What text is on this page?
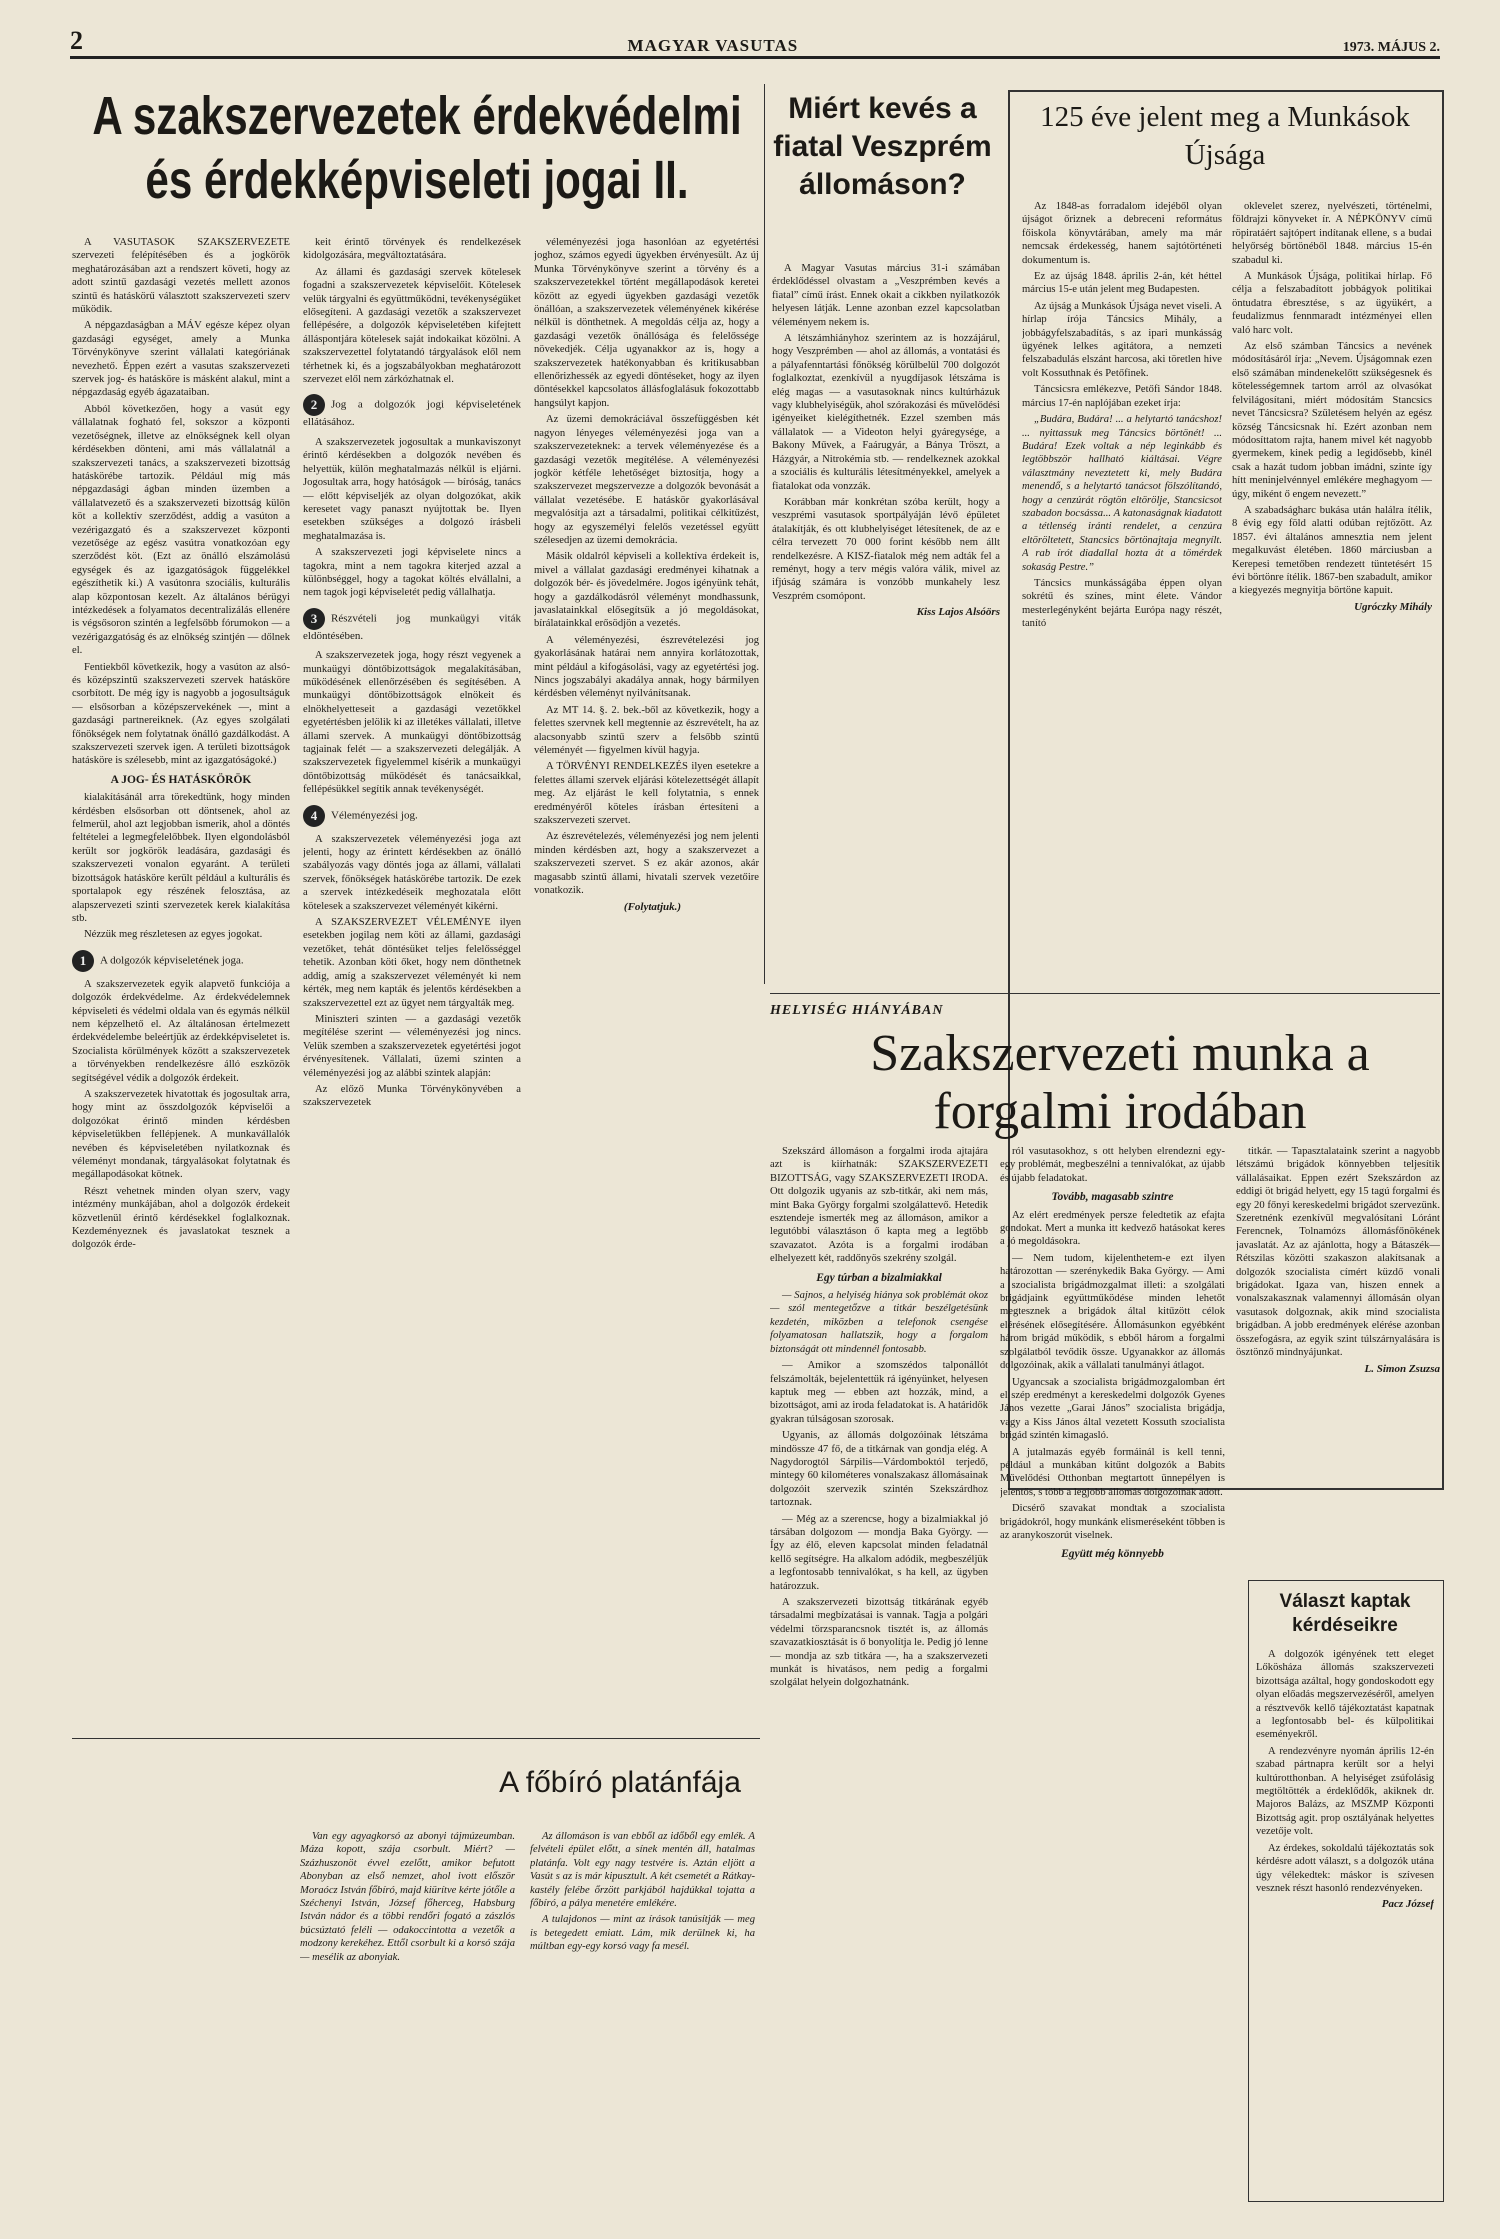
2	MAGYAR VASUTAS	1973. MÁJUS 2.
A szakszervezetek érdekvédelmi
és érdekképviseleti jogai II.

A VASUTASOK SZAKSZERVEZETE szervezeti felépítésében és a jogkörök meghatározásában azt a rendszert követi, hogy az adott szintű gazdasági vezetés mellett azonos szintű és hatáskörű választott szakszervezeti szerv működik.

A népgazdaságban a MÁV egésze képez olyan gazdasági egységet, amely a Munka Törvénykönyve szerint vállalati kategóriának nevezhető. Éppen ezért a vasutas szakszervezeti szervek jog- és hatásköre is másként alakul, mint a népgazdaság egyéb ágazataiban.

Abból következően, hogy a vasút egy vállalatnak fogható fel, sokszor a központi vezetőségnek, illetve az elnökségnek kell olyan kérdésekben dönteni, ami más vállalatnál a szakszervezeti tanács, a szakszervezeti bizottság hatáskörébe tartozik. Például míg más népgazdasági ágban minden üzemben a vállalatvezető és a szakszervezeti bizottság külön köt a kollektív szerződést, addig a vasúton a vezérigazgató és a szakszervezet központi vezetősége az egész vasútra vonatkozóan egy szerződést köt. (Ezt az önálló elszámolású egységek és az igazgatóságok függelékkel egészíthetik ki.) A vasútonra szociális, kulturális alap központosan kezelt. Az általános bérügyi intézkedések a folyamatos decentralizálás ellenére is végsősoron szintén a legfelsőbb fórumokon — a vezérigazgatóság és az elnökség szintjén — dőlnek el.

Fentiekből következik, hogy a vasúton az alsó- és középszintű szakszervezeti szervek hatásköre csorbított. De még így is nagyobb a jogosultságuk — elsősorban a középszervekének —, mint a gazdasági partnereiknek. (Az egyes szolgálati főnökségek nem folytatnak önálló gazdálkodást. A szakszervezeti szervek igen. A területi bizottságok hatásköre is szélesebb, mint az igazgatóságoké.)

A JOG- ÉS HATÁSKÖRÖK

kialakításánál arra törekedtünk, hogy minden kérdésben elsősorban ott döntsenek, ahol az felmerül, ahol azt legjobban ismerik, ahol a döntés feltételei a legmegfelelőbbek. Ilyen elgondolásból került sor jogkörök leadására, gazdasági és szakszervezeti vonalon egyaránt. A területi bizottságok hatásköre került például a kulturális és sportalapok egy részének felosztása, az alapszervezeti szinti szervezetek kerek kialakítása stb.

Nézzük meg részletesen az egyes jogokat.

1 A dolgozók képviseletének joga.

A szakszervezetek egyik alapvető funkciója a dolgozók érdekvédelme. Az érdekvédelemnek képviseleti és védelmi oldala van és egymás nélkül nem képzelhető el. Az általánosan értelmezett érdekvédelembe beleértjük az érdekképviseletet is. Szocialista körülmények között a szakszervezetek a törvényekben rendelkezésre álló eszközök segítségével védik a dolgozók érdekeit.

A szakszervezetek hivatottak és jogosultak arra, hogy mint az összdolgozók képviselői a dolgozókat érintő minden kérdésben képviseletükben fellépjenek. A munkavállalók nevében és képviseletében nyilatkoznak és véleményt mondanak, tárgyalásokat folytatnak és megállapodásokat kötnek.

Részt vehetnek minden olyan szerv, vagy intézmény munkájában, ahol a dolgozók érdekeit közvetlenül érintő kérdésekkel foglalkoznak. Kezdeményeznek és javaslatokat tesznek a dolgozók érde-

keit érintő törvények és rendelkezések kidolgozására, megváltoztatására.

Az állami és gazdasági szervek kötelesek fogadni a szakszervezetek képviselőit. Kötelesek velük tárgyalni és együttműködni, tevékenységüket elősegíteni. A gazdasági vezetők a szakszervezet fellépésére, a dolgozók képviseletében kifejtett álláspontjára kötelesek saját indokaikat közölni. A szakszervezettel folytatandó tárgyalások elől nem térhetnek ki, és a jogszabályokban meghatározott szervezet elől nem zárkózhatnak el.

2 Jog a dolgozók jogi képviseletének ellátásához.

A szakszervezetek jogosultak a munkaviszonyt érintő kérdésekben a dolgozók nevében és helyettük, külön meghatalmazás nélkül is eljárni. Jogosultak arra, hogy hatóságok — bíróság, tanács — előtt képviseljék az olyan dolgozókat, akik keresetet vagy panaszt nyújtottak be. Ilyen esetekben szükséges a dolgozó írásbeli meghatalmazása is.

A szakszervezeti jogi képviselete nincs a tagokra, mint a nem tagokra kiterjed azzal a különbséggel, hogy a tagokat költés elvállalni, a nem tagok jogi képviseletét pedig vállalhatja.

3 Részvételi jog munkaügyi viták eldöntésében.

A szakszervezetek joga, hogy részt vegyenek a munkaügyi döntőbizottságok megalakításában, működésének ellenőrzésében és segítésében. A munkaügyi döntőbizottságok elnökeit és elnökhelyetteseit a gazdasági vezetőkkel egyetértésben jelölik ki az illetékes vállalati, illetve állami szervek. A munkaügyi döntőbizottság tagjainak felét — a szakszervezeti delegálják. A szakszervezetek figyelemmel kísérik a munkaügyi döntőbizottság működését és tanácsaikkal, fellépésükkel segítik annak tevékenységét.

4 Véleményezési jog.

A szakszervezetek véleményezési joga azt jelenti, hogy az érintett kérdésekben az önálló szabályozás vagy döntés joga az állami, vállalati szervek, főnökségek hatáskörébe tartozik. De ezek a szervek intézkedéseik meghozatala előtt kötelesek a szakszervezet véleményét kikérni.

A SZAKSZERVEZET VÉLEMÉNYE ilyen esetekben jogilag nem köti az állami, gazdasági vezetőket, tehát döntésüket teljes felelősséggel tehetik. Azonban köti őket, hogy nem dönthetnek addig, amíg a szakszervezet véleményét ki nem kérték, meg nem kapták és jelentős kérdésekben a szakszervezettel ezt az ügyet nem tárgyalták meg.

Miniszteri szinten — a gazdasági vezetők megítélése szerint — véleményezési jog nincs. Velük szemben a szakszervezetek egyetértési jogot érvényesítenek. Vállalati, üzemi szinten a véleményezési jog az alábbi szintek alapján:

Az előző Munka Törvénykönyvében a szakszervezetek

véleményezési joga hasonlóan az egyetértési joghoz, számos egyedi ügyekben érvényesült. Az új Munka Törvénykönyve szerint a törvény és a szakszervezetekkel történt megállapodások keretei között az egyedi ügyekben gazdasági vezetők önállóan, a szakszervezetek véleményének kikérése nélkül is dönthetnek. A megoldás célja az, hogy a gazdasági vezetők önállósága és felelőssége növekedjék. Célja ugyanakkor az is, hogy a szakszervezetek hatékonyabban és kritikusabban ellenőrizhessék az egyedi döntéseket, hogy az ilyen döntésekkel kapcsolatos állásfoglalásuk fokozottabb hangsúlyt kapjon.

Az üzemi demokráciával összefüggésben két nagyon lényeges véleményezési joga van a szakszervezeteknek: a tervek véleményezése és a gazdasági vezetők megítélése. A véleményezési jogkör kétféle lehetőséget biztosítja, hogy a szakszervezet megszervezze a dolgozók bevonását a vállalat vezetésébe. E hatáskör gyakorlásával megvalósítja azt a társadalmi, politikai célkitűzést, hogy az egyszemélyi felelős vezetéssel együtt szélesedjen az üzemi demokrácia.

Másik oldalról képviseli a kollektíva érdekeit is, mivel a vállalat gazdasági eredményei kihatnak a dolgozók bér- és jövedelmére. Jogos igényünk tehát, hogy a gazdálkodásról véleményt mondhassunk, javaslatainkkal elősegítsük a jó megoldásokat, bírálatainkkal erősödjön a vezetés.

A véleményezési, észrevételezési jog gyakorlásának határai nem annyira korlátozottak, mint például a kifogásolási, vagy az egyetértési jog. Nincs jogszabályi akadálya annak, hogy bármilyen kérdésben véleményt nyilvánítsanak.

Az MT 14. §. 2. bek.-ből az következik, hogy a felettes szervnek kell megtennie az észrevételt, ha az alacsonyabb szintű szerv a felsőbb szintű véleményét — figyelmen kívül hagyja.

A TÖRVÉNYI RENDELKEZÉS ilyen esetekre a felettes állami szervek eljárási kötelezettségét állapít meg. Az eljárást le kell folytatnia, s ennek eredményéről köteles írásban értesíteni a szakszervezeti szervet.

Az észrevételezés, véleményezési jog nem jelenti minden kérdésben azt, hogy a szakszervezet a szakszervezeti szervet. S ez akár azonos, akár magasabb szintű állami, hivatali szervek vezetőire vonatkozik.

(Folytatjuk.)

Miért kevés a fiatal Veszprém állomáson?

A Magyar Vasutas március 31-i számában érdeklődéssel olvastam a „Veszprémben kevés a fiatal” című írást. Ennek okait a cikkben nyilatkozók helyesen látják. Lenne azonban ezzel kapcsolatban véleményem nekem is.

A létszámhiányhoz szerintem az is hozzájárul, hogy Veszprémben — ahol az állomás, a vontatási és a pályafenntartási főnökség körülbelül 700 dolgozót foglalkoztat, ezenkívül a nyugdíjasok létszáma is elég magas — a vasutasoknak nincs kultúrházuk vagy klubhelyiségük, ahol szórakozási és művelődési igényeiket kielégíthetnék. Ezzel szemben más vállalatok — a Videoton helyi gyáregysége, a Bakony Művek, a Faárugyár, a Bánya Tröszt, a Házgyár, a Nitrokémia stb. — rendelkeznek azokkal a szociális és kulturális létesítményekkel, amelyek a fiatalokat oda vonzzák.

Korábban már konkrétan szóba került, hogy a veszprémi vasutasok sportpályáján lévő épületet átalakítják, és ott klubhelyiséget létesítenek, de az e célra tervezett 70 000 forint később nem állt rendelkezésre. A KISZ-fiatalok még nem adták fel a reményt, hogy a terv mégis valóra válik, mivel az ifjúság számára is vonzóbb munkahely lesz Veszprém csomópont.

Kiss Lajos Alsóörs

125 éve jelent meg a Munkások Újsága

Az 1848-as forradalom idejéből olyan újságot őriznek a debreceni református főiskola könyvtárában, amely ma már nemcsak érdekesség, hanem sajtótörténeti dokumentum is.

Ez az újság 1848. április 2-án, két héttel március 15-e után jelent meg Budapesten.

Az újság a Munkások Újsága nevet viseli. A hírlap írója Táncsics Mihály, a jobbágyfelszabadítás, s az ipari munkásság ügyének lelkes agitátora, a nemzeti felszabadulás elszánt harcosa, aki töretlen hive volt Kossuthnak és Petőfinek.

Táncsicsra emlékezve, Petőfi Sándor 1848. március 17-én naplójában ezeket írja:

„Budára, Budára! ... a helytartó tanácshoz! ... nyittassuk meg Táncsics börtönét! ... Budára! Ezek voltak a nép leginkább és legtöbbször hallható kiáltásai. Végre választmány neveztetett ki, mely Budára menendő, s a helytartó tanácsot fölszólítandó, hogy a cenzúrát rögtön eltörölje, Stancsicsot szabadon bocsássa... A katonaságnak kiadatott a tétlenség iránti rendelet, a cenzúra eltöröltetett, Stancsics börtönajtaja megnyílt. A rab írót diadallal hozta át a tömérdek sokaság Pestre.”

Táncsics munkásságába éppen olyan sokrétű és színes, mint élete. Vándor mesterlegényként bejárta Európa nagy részét, tanító

oklevelet szerez, nyelvészeti, történelmi, földrajzi könyveket ír. A NÉPKÖNYV című röpiratáért sajtópert indítanak ellene, s a budai helyőrség börtönéből 1848. március 15-én szabadul ki.

A Munkások Újsága, politikai hírlap. Fő célja a felszabadított jobbágyok politikai öntudatra ébresztése, s az ügyükért, a feudalizmus fennmaradt intézményei ellen való harc volt.

Az első számban Táncsics a nevének módosításáról írja: „Nevem. Újságomnak ezen első számában mindenekelőtt szükségesnek és kötelességemnek tartom arról az olvasókat felvilágosítani, miért módosítám Stancsics nevet Táncsicsra? Születésem helyén az egész község Táncsicsnak hí. Ezért azonban nem módosíttatom rajta, hanem mivel két nagyobb gyermekem, kinek pedig a legidősebb, kinél csak a hazát tudom jobban imádni, szinte így hítt meninjelvénnyel emlékére meghagyom — úgy, miként ő engem nevezett.”

A szabadságharc bukása után halálra ítélik, 8 évig egy föld alatti odúban rejtőzött. Az 1857. évi általános amnesztia nem jelent megalkuvást életében. 1860 márciusban a Kerepesi temetőben rendezett tüntetésért 15 évi börtönre ítélik. 1867-ben szabadult, amikor a kiegyezés megnyitja börtöne kapuit.

Ugróczky Mihály

HELYISÉG HIÁNYÁBAN
Szakszervezeti munka a forgalmi irodában

Szekszárd állomáson a forgalmi iroda ajtajára azt is kiírhatnák: SZAKSZERVEZETI BIZOTTSÁG, vagy SZAKSZERVEZETI IRODA. Ott dolgozik ugyanis az szb-titkár, aki nem más, mint Baka György forgalmi szolgálattevő. Hetedik esztendeje ismerték meg az állomáson, amikor a legutóbbi választáson ő kapta meg a legtöbb szavazatot. Azóta is a forgalmi irodában elhelyezett két, raddőnyös szekrény szolgál.

Egy túrban a bizalmiakkal

— Sajnos, a helyiség hiánya sok problémát okoz — szól mentegetőzve a titkár beszélgetésünk kezdetén, miközben a telefonok csengése folyamatosan hallatszik, hogy a forgalom biztonságát ott mindennél fontosabb.

— Amikor a szomszédos talponállót felszámolták, bejelentettük rá igényünket, helyesen kaptuk meg — ebben azt hozzák, mind, a bizottságot, ami az iroda feladatokat is. A határidők gyakran túlságosan szorosak.

Ugyanis, az állomás dolgozóinak létszáma mindössze 47 fő, de a titkárnak van gondja elég. A Nagydorogtól Sárpilis—Várdomboktól terjedő, mintegy 60 kilométeres vonalszakasz állomásainak dolgozóit szervezik szintén Szekszárdhoz tartoznak.

— Még az a szerencse, hogy a bizalmiakkal jó társában dolgozom — mondja Baka György. — Így az élő, eleven kapcsolat minden feladatnál kellő segítségre. Ha alkalom adódik, megbeszéljük a legfontosabb tennivalókat, s ha kell, az ügyben határozzuk.

A szakszervezeti bizottság titkárának egyéb társadalmi megbízatásai is vannak. Tagja a polgári védelmi törzsparancsnok tisztét is, az állomás szavazatkiosztását is ő bonyolítja le. Pedig jó lenne — mondja az szb titkára —, ha a szakszervezeti munkát is hivatásos, nem pedig a forgalmi szolgálat helyein dolgozhatnánk.

ról vasutasokhoz, s ott helyben elrendezni egy-egy problémát, megbeszélni a tennivalókat, az újabb és újabb feladatokat.

Tovább, magasabb szintre

Az elért eredmények persze feledtetik az efajta gondokat. Mert a munka itt kedvező hatásokat keres a jó megoldásokra.

— Nem tudom, kijelenthetem-e ezt ilyen határozottan — szerénykedik Baka György. — Ami a szocialista brigádmozgalmat illeti: a szolgálati brigádjaink együttműködése minden lehetőt megtesznek a brigádok által kitűzött célok elérésének elősegítésére. Állomásunkon egyébként három brigád működik, s ebből három a forgalmi szolgálatból tevődik össze. Ugyanakkor az állomás dolgozóinak, akik a vállalati tanulmányi átlagot.

Ugyancsak a szocialista brigádmozgalomban ért el szép eredményt a kereskedelmi dolgozók Gyenes János vezette „Garai János” szocialista brigádja, vagy a Kiss János által vezetett Kossuth szocialista brigád szintén kimagasló.

A jutalmazás egyéb formáinál is kell tenni, például a munkában kitűnt dolgozók a Babits Művelődési Otthonban megtartott ünnepélyen is jelentős, s több a legjobb állomás dolgozóinak adott.

Dicsérő szavakat mondtak a szocialista brigádokról, hogy munkánk elismeréseként többen is az aranykoszorút viselnek.

Együtt még könnyebb

titkár. — Tapasztalataink szerint a nagyobb létszámú brigádok könnyebben teljesítik vállalásaikat. Eppen ezért Szekszárdon az eddigi öt brigád helyett, egy 15 tagú forgalmi és egy 20 főnyi kereskedelmi brigádot szervezünk. Szeretnénk ezenkívül megvalósítani Lóránt Ferencnek, Tolnamózs állomásfőnökének javaslatát. Az az ajánlotta, hogy a Bátaszék—Rétszilas közötti szakaszon alakítsanak a dolgozók szocialista címért küzdő vonali brigádokat. Igaza van, hiszen ennek a vonalszakasznak valamennyi állomásán olyan vasutasok dolgoznak, akik mind szocialista brigádban. A jobb eredmények elérése azonban összefogásra, az egyik szint túlszárnyalására is ösztönző mindnyájunkat.

L. Simon Zsuzsa

A főbíró platánfája

Van egy agyagkorsó az abonyi tájmúzeumban. Máza kopott, szája csorbult. Miért? — Százhuszonöt évvel ezelőtt, amikor befutott Abonyban az első nemzet, ahol ivott először Moraócz István főbíró, majd kiürítve kérte jótőle a Széchenyi István, József főherceg, Habsburg István nádor és a többi rendőri fogató a zászlós búcsúztató feléli — odakoccintotta a vezetők a modzony kerekéhez. Ettől csorbult ki a korsó szája — mesélik az abonyiak.

Az állomáson is van ebből az időből egy emlék. A felvételi épület előtt, a sínek mentén áll, hatalmas platánfa. Volt egy nagy testvére is. Aztán eljött a Vasút s az is már kipusztult. A két csemetét a Rátkay-kastély felébe őrzött parkjából hajdúkkal tojatta a főbíró, a pálya menetére emlékére.

A tulajdonos — mint az írások tanúsítják — meg is betegedett emiatt. Lám, mik derülnek ki, ha múltban egy-egy korsó vagy fa mesél.

Választ kaptak kérdéseikre

A dolgozók igényének tett eleget Lőkösháza állomás szakszervezeti bizottsága azáltal, hogy gondoskodott egy olyan előadás megszervezéséről, amelyen a résztvevők kellő tájékoztatást kapatnak a legfontosabb bel- és külpolitikai eseményekről.

A rendezvényre nyomán április 12-én szabad pártnapra került sor a helyi kultúrotthonban. A helyiséget zsúfolásig megtöltötték a érdeklődők, akiknek dr. Majoros Balázs, az MSZMP Központi Bizottság agit. prop osztályának helyettes vezetője volt.

Az érdekes, sokoldalú tájékoztatás sok kérdésre adott választ, s a dolgozók utána úgy vélekedtek: máskor is szívesen vesznek részt hasonló rendezvényeken.

Pacz József
